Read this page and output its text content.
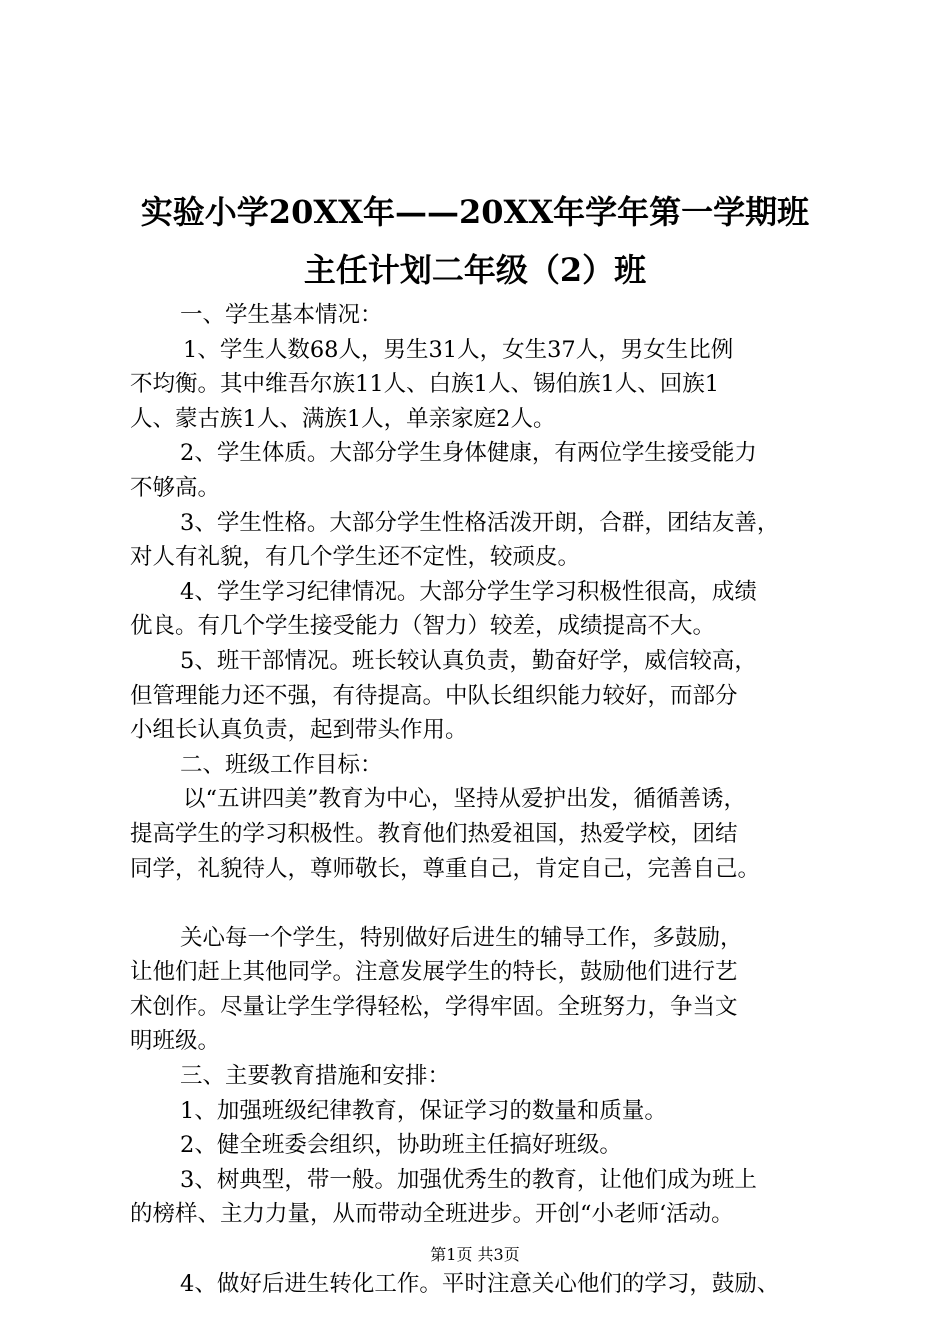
实验小学20XX年——20XX年学年第一学期班
主任计划二年级（2）班
一、学生基本情况：
1、学生人数68人，男生31人，女生37人，男女生比例
不均衡。其中维吾尔族11人、白族1人、锡伯族1人、回族1
人、蒙古族1人、满族1人，单亲家庭2人。
2、学生体质。大部分学生身体健康，有两位学生接受能力
不够高。
3、学生性格。大部分学生性格活泼开朗，合群，团结友善，
对人有礼貌，有几个学生还不定性，较顽皮。
4、学生学习纪律情况。大部分学生学习积极性很高，成绩
优良。有几个学生接受能力（智力）较差，成绩提高不大。
5、班干部情况。班长较认真负责，勤奋好学，威信较高，
但管理能力还不强，有待提高。中队长组织能力较好，而部分
小组长认真负责，起到带头作用。
二、班级工作目标：
以“五讲四美”教育为中心，坚持从爱护出发，循循善诱，
提高学生的学习积极性。教育他们热爱祖国，热爱学校，团结
同学，礼貌待人，尊师敬长，尊重自己，肯定自己，完善自己。
关心每一个学生，特别做好后进生的辅导工作，多鼓励，
让他们赶上其他同学。注意发展学生的特长，鼓励他们进行艺
术创作。尽量让学生学得轻松，学得牢固。全班努力，争当文
明班级。
三、主要教育措施和安排：
1、加强班级纪律教育，保证学习的数量和质量。
2、健全班委会组织，协助班主任搞好班级。
3、树典型，带一般。加强优秀生的教育，让他们成为班上
的榜样、主力力量，从而带动全班进步。开创“小老师‘活动。
4、做好后进生转化工作。平时注意关心他们的学习，鼓励、
第1页 共3页
